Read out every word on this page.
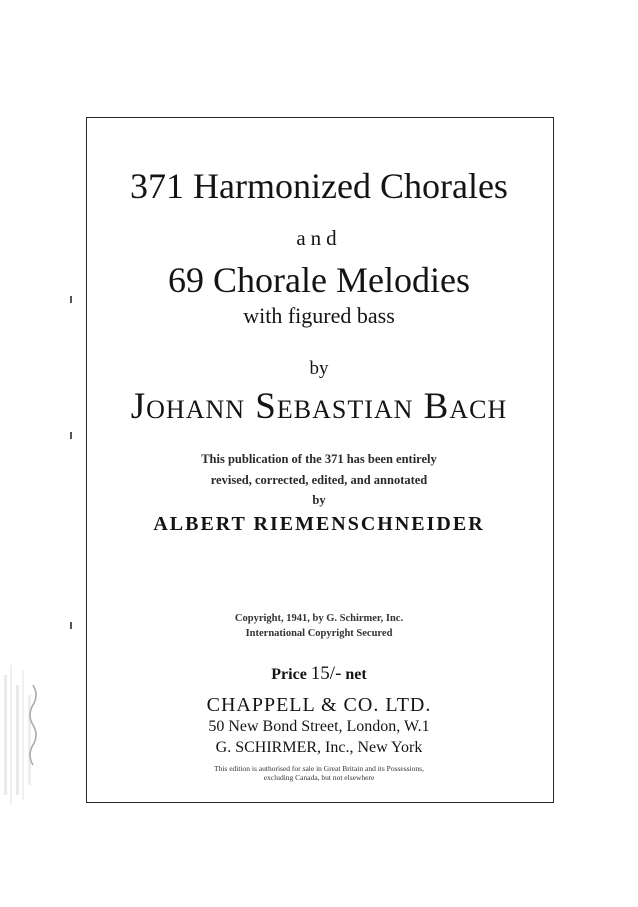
371 Harmonized Chorales
and
69 Chorale Melodies
with figured bass
by
Johann Sebastian Bach
This publication of the 371 has been entirely
revised, corrected, edited, and annotated
by
ALBERT RIEMENSCHNEIDER
Copyright, 1941, by G. Schirmer, Inc.
International Copyright Secured
Price 15/- net
CHAPPELL & CO. LTD.
50 New Bond Street, London, W.1
G. SCHIRMER, Inc., New York
This edition is authorised for sale in Great Britain and its Possessions,
excluding Canada, but not elsewhere
